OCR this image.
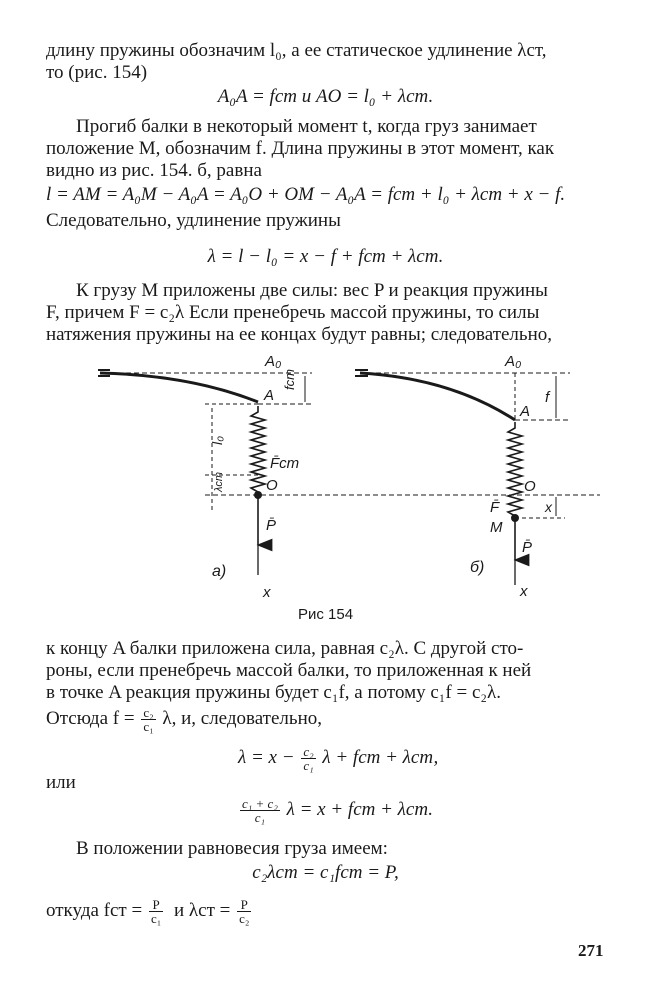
длину пружины обозначим l₀, а ее статическое удлинение λст,
то (рис. 154)
A₀A = fст и AO = l₀ + λст.
Прогиб балки в некоторый момент t, когда груз занимает
положение M, обозначим f. Длина пружины в этот момент, как
видно из рис. 154. б, равна
l = AM = A₀M − A₀A = A₀O + OM − A₀A = fст + l₀ + λст + x − f.
Следовательно, удлинение пружины
λ = l − l₀ = x − f + fст + λст.
К грузу M приложены две силы: вес P и реакция пружины
F, причем F = c₂λ Если пренебречь массой пружины, то силы
натяжения пружины на ее концах будут равны; следовательно,
A₀
A
fст
l₀
λст
F̄ст
O
P̄
а)
x
A₀
A
f
O
F̄
M
x
P̄
б)
x
Рис 154
к концу A балки приложена сила, равная c₂λ. С другой сто-
роны, если пренебречь массой балки, то приложенная к ней
в точке A реакция пружины будет c₁f, а потому c₁f = c₂λ.
Отсюда $f = \frac{\text{c₂}}{\text{c₁}} \lambda$, и, следовательно,
$\lambda = x - \frac{\text{c₂}}{\text{c₁}}$ λ + fст + λст,
или
$\frac{\text{c₁ + c₂}}{\text{c₁}}$ λ = x + fст + λст.
В положении равновесия груза имеем:
c₂λст = c₁fст = P,
откуда fст = $\frac{P}{\text{c₁}}$ и $\lambda ст = \frac{P}{\text{c₂}}$
271
